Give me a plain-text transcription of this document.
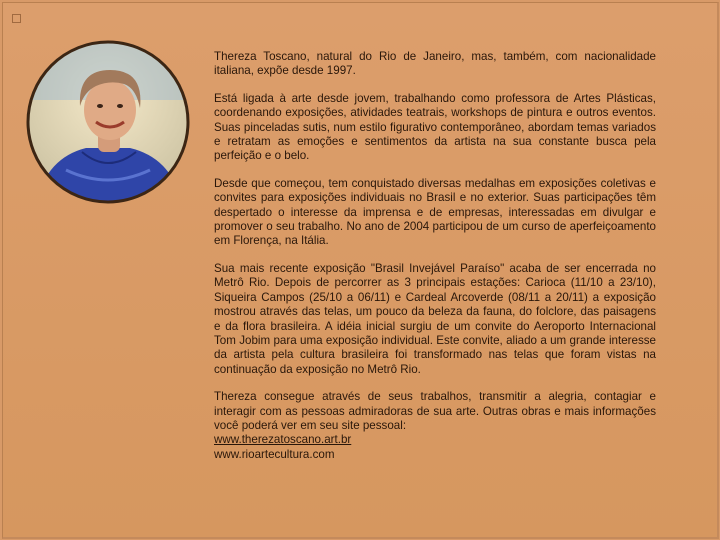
Thereza Toscano, natural do Rio de Janeiro, mas, também, com nacionalidade italiana, expõe desde 1997.

Está ligada à arte desde jovem, trabalhando como professora de Artes Plásticas, coordenando exposições, atividades teatrais, workshops de pintura e outros eventos. Suas pinceladas sutis, num estilo figurativo contemporâneo, abordam temas variados e retratam as emoções e sentimentos da artista na sua constante busca pela perfeição e o belo.

Desde que começou, tem conquistado diversas medalhas em exposições coletivas e convites para exposições individuais no Brasil e no exterior. Suas participações têm despertado o interesse da imprensa e de empresas, interessadas em divulgar e promover o seu trabalho. No ano de 2004 participou de um curso de aperfeiçoamento em Florença, na Itália.

Sua mais recente exposição "Brasil Invejável Paraíso" acaba de ser encerrada no Metrô Rio. Depois de percorrer as 3 principais estações: Carioca (11/10 a 23/10), Siqueira Campos (25/10 a 06/11) e Cardeal Arcoverde (08/11 a 20/11) a exposição mostrou através das telas, um pouco da beleza da fauna, do folclore, das paisagens e da flora brasileira. A idéia inicial surgiu de um convite do Aeroporto Internacional Tom Jobim para uma exposição individual. Este convite, aliado a um grande interesse da artista pela cultura brasileira foi transformado nas telas que foram vistas na continuação da exposição no Metrô Rio.

Thereza consegue através de seus trabalhos, transmitir a alegria, contagiar e interagir com as pessoas admiradoras de sua arte. Outras obras e mais informações você poderá ver em seu site pessoal:
www.therezatoscano.art.br
www.rioartecultura.com
